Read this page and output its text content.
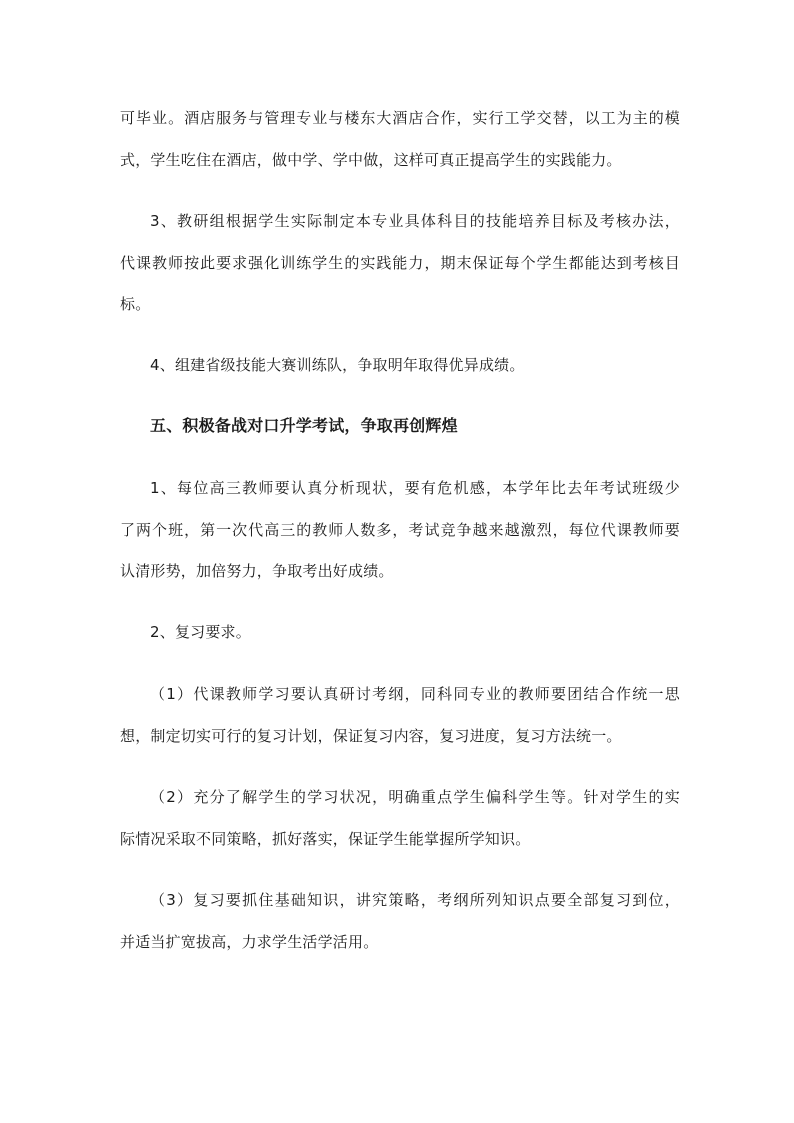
可毕业。酒店服务与管理专业与楼东大酒店合作，实行工学交替，以工为主的模
式，学生吃住在酒店，做中学、学中做，这样可真正提高学生的实践能力。
3、教研组根据学生实际制定本专业具体科目的技能培养目标及考核办法，
代课教师按此要求强化训练学生的实践能力，期末保证每个学生都能达到考核目
标。
4、组建省级技能大赛训练队，争取明年取得优异成绩。
五、积极备战对口升学考试，争取再创辉煌
1、每位高三教师要认真分析现状，要有危机感，本学年比去年考试班级少
了两个班，第一次代高三的教师人数多，考试竞争越来越激烈，每位代课教师要
认清形势，加倍努力，争取考出好成绩。
2、复习要求。
（1）代课教师学习要认真研讨考纲，同科同专业的教师要团结合作统一思
想，制定切实可行的复习计划，保证复习内容，复习进度，复习方法统一。
（2）充分了解学生的学习状况，明确重点学生偏科学生等。针对学生的实
际情况采取不同策略，抓好落实，保证学生能掌握所学知识。
（3）复习要抓住基础知识，讲究策略，考纲所列知识点要全部复习到位，
并适当扩宽拔高，力求学生活学活用。
